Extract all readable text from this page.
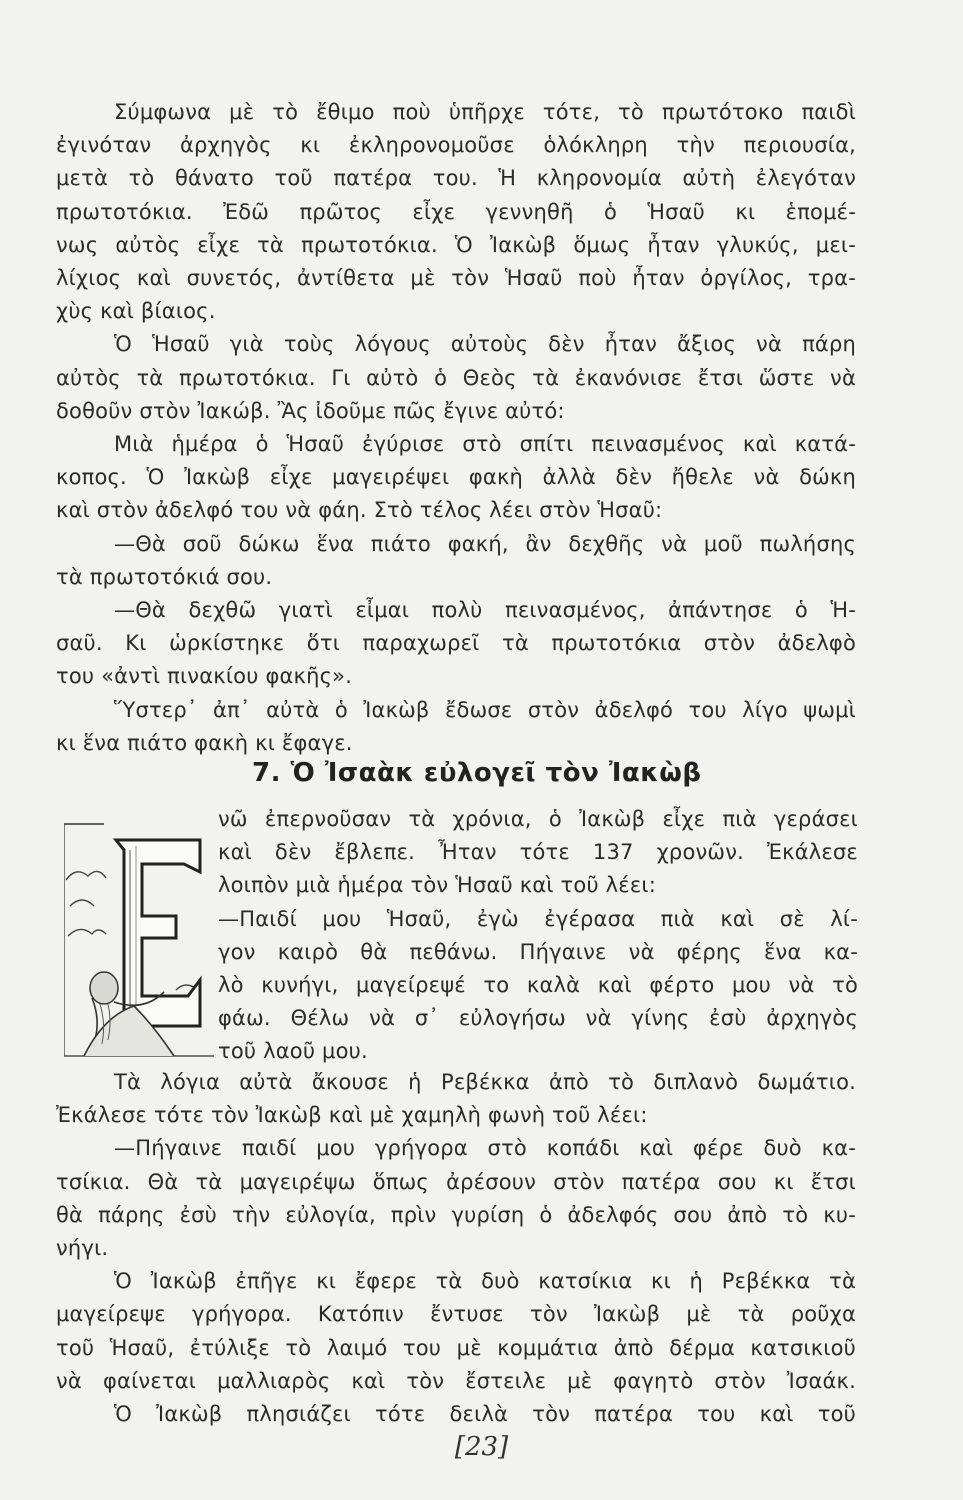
Σύμφωνα μὲ τὸ ἔθιμο ποὺ ὑπῆρχε τότε, τὸ πρωτότοκο παιδὶ
ἐγινόταν ἀρχηγὸς κι ἐκληρονομοῦσε ὁλόκληρη τὴν περιουσία,
μετὰ τὸ θάνατο τοῦ πατέρα του. Ἡ κληρονομία αὐτὴ ἐλεγόταν
πρωτοτόκια. Ἐδῶ πρῶτος εἶχε γεννηθῆ ὁ Ἡσαῦ κι ἑπομέ-
νως αὐτὸς εἶχε τὰ πρωτοτόκια. Ὁ Ἰακὼβ ὅμως ἦταν γλυκύς, μει-
λίχιος καὶ συνετός, ἀντίθετα μὲ τὸν Ἡσαῦ ποὺ ἦταν ὀργίλος, τρα-
χὺς καὶ βίαιος.
Ὁ Ἡσαῦ γιὰ τοὺς λόγους αὐτοὺς δὲν ἦταν ἄξιος νὰ πάρη
αὐτὸς τὰ πρωτοτόκια. Γι αὐτὸ ὁ Θεὸς τὰ ἐκανόνισε ἔτσι ὥστε νὰ
δοθοῦν στὸν Ἰακώβ. Ἂς ἰδοῦμε πῶς ἔγινε αὐτό:
Μιὰ ἡμέρα ὁ Ἡσαῦ ἐγύρισε στὸ σπίτι πεινασμένος καὶ κατά-
κοπος. Ὁ Ἰακὼβ εἶχε μαγειρέψει φακὴ ἀλλὰ δὲν ἤθελε νὰ δώκη
καὶ στὸν ἀδελφό του νὰ φάη. Στὸ τέλος λέει στὸν Ἡσαῦ:
—Θὰ σοῦ δώκω ἕνα πιάτο φακή, ἂν δεχθῆς νὰ μοῦ πωλήσης
τὰ πρωτοτόκιά σου.
—Θὰ δεχθῶ γιατὶ εἶμαι πολὺ πεινασμένος, ἀπάντησε ὁ Ἡ-
σαῦ. Κι ὡρκίστηκε ὅτι παραχωρεῖ τὰ πρωτοτόκια στὸν ἀδελφὸ
του «ἀντὶ πινακίου φακῆς».
Ὕστερ᾽ ἀπ᾽ αὐτὰ ὁ Ἰακὼβ ἔδωσε στὸν ἀδελφό του λίγο ψωμὶ
κι ἕνα πιάτο φακὴ κι ἔφαγε.
7. Ὁ Ἰσαὰκ εὐλογεῖ τὸν Ἰακὼβ
νῶ ἐπερνοῦσαν τὰ χρόνια, ὁ Ἰακὼβ εἶχε πιὰ γεράσει
καὶ δὲν ἔβλεπε. Ἦταν τότε 137 χρονῶν. Ἐκάλεσε
λοιπὸν μιὰ ἡμέρα τὸν Ἡσαῦ καὶ τοῦ λέει:
—Παιδί μου Ἡσαῦ, ἐγὼ ἐγέρασα πιὰ καὶ σὲ λί-
γον καιρὸ θὰ πεθάνω. Πήγαινε νὰ φέρης ἕνα κα-
λὸ κυνήγι, μαγείρεψέ το καλὰ καὶ φέρτο μου νὰ τὸ
φάω. Θέλω νὰ σ᾽ εὐλογήσω νὰ γίνης ἐσὺ ἀρχηγὸς
τοῦ λαοῦ μου.
Τὰ λόγια αὐτὰ ἄκουσε ἡ Ρεβέκκα ἀπὸ τὸ διπλανὸ δωμάτιο.
Ἐκάλεσε τότε τὸν Ἰακὼβ καὶ μὲ χαμηλὴ φωνὴ τοῦ λέει:
—Πήγαινε παιδί μου γρήγορα στὸ κοπάδι καὶ φέρε δυὸ κα-
τσίκια. Θὰ τὰ μαγειρέψω ὅπως ἀρέσουν στὸν πατέρα σου κι ἔτσι
θὰ πάρης ἐσὺ τὴν εὐλογία, πρὶν γυρίση ὁ ἀδελφός σου ἀπὸ τὸ κυ-
νήγι.
Ὁ Ἰακὼβ ἐπῆγε κι ἔφερε τὰ δυὸ κατσίκια κι ἡ Ρεβέκκα τὰ
μαγείρεψε γρήγορα. Κατόπιν ἔντυσε τὸν Ἰακὼβ μὲ τὰ ροῦχα
τοῦ Ἡσαῦ, ἐτύλιξε τὸ λαιμό του μὲ κομμάτια ἀπὸ δέρμα κατσικιοῦ
νὰ φαίνεται μαλλιαρὸς καὶ τὸν ἔστειλε μὲ φαγητὸ στὸν Ἰσαάκ.
Ὁ Ἰακὼβ πλησιάζει τότε δειλὰ τὸν πατέρα του καὶ τοῦ
[23]
